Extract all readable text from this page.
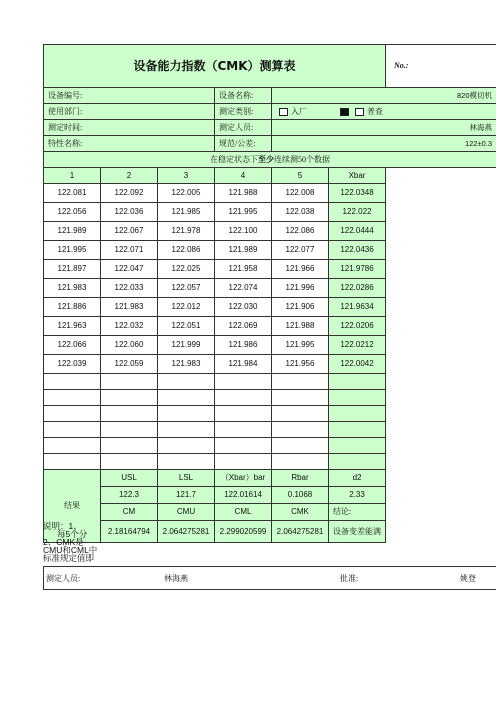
设备能力指数（CMK）测算表						No.:
设备编号:			设备名称:	820模切机		
使用部门:			测定类别:	入厂 普查		
测定时间:			测定人员:	林海燕		
特性名称:			规范/公差:	122±0.3		
在稳定状态下至少连续测50个数据						
1	2	3	4	5	Xbar	
122.081	122.092	122.005	121.988	122.008	122.0348	
122.056	122.036	121.985	121.995	122.038	122.022	
121.989	122.067	121.978	122.100	122.086	122.0444	
121.995	122.071	122.086	121.989	122.077	122.0436	
121.897	122.047	122.025	121.958	121.966	121.9786	
121.983	122.033	122.057	122.074	121.996	122.0286	
121.886	121.983	122.012	122.030	121.906	121.9634	
121.963	122.032	122.051	122.069	121.988	122.0206	
122.066	122.060	121.999	121.986	121.995	122.0212	
122.039	122.059	121.983	121.984	121.956	122.0042	

结果	USL	LSL	（Xbar）bar	Rbar	d2	
	122.3	121.7	122.01614	0.1068	2.33	
	CM	CMU	CML	CMK	结论:	
	2.18164794	2.064275281	2.299020599	2.064275281	设备变差能满	
说明：1、
每5个分
2、CMK是
CMU和CML中
标准规定值即
测定人员:	林海燕	批准:	姚登
